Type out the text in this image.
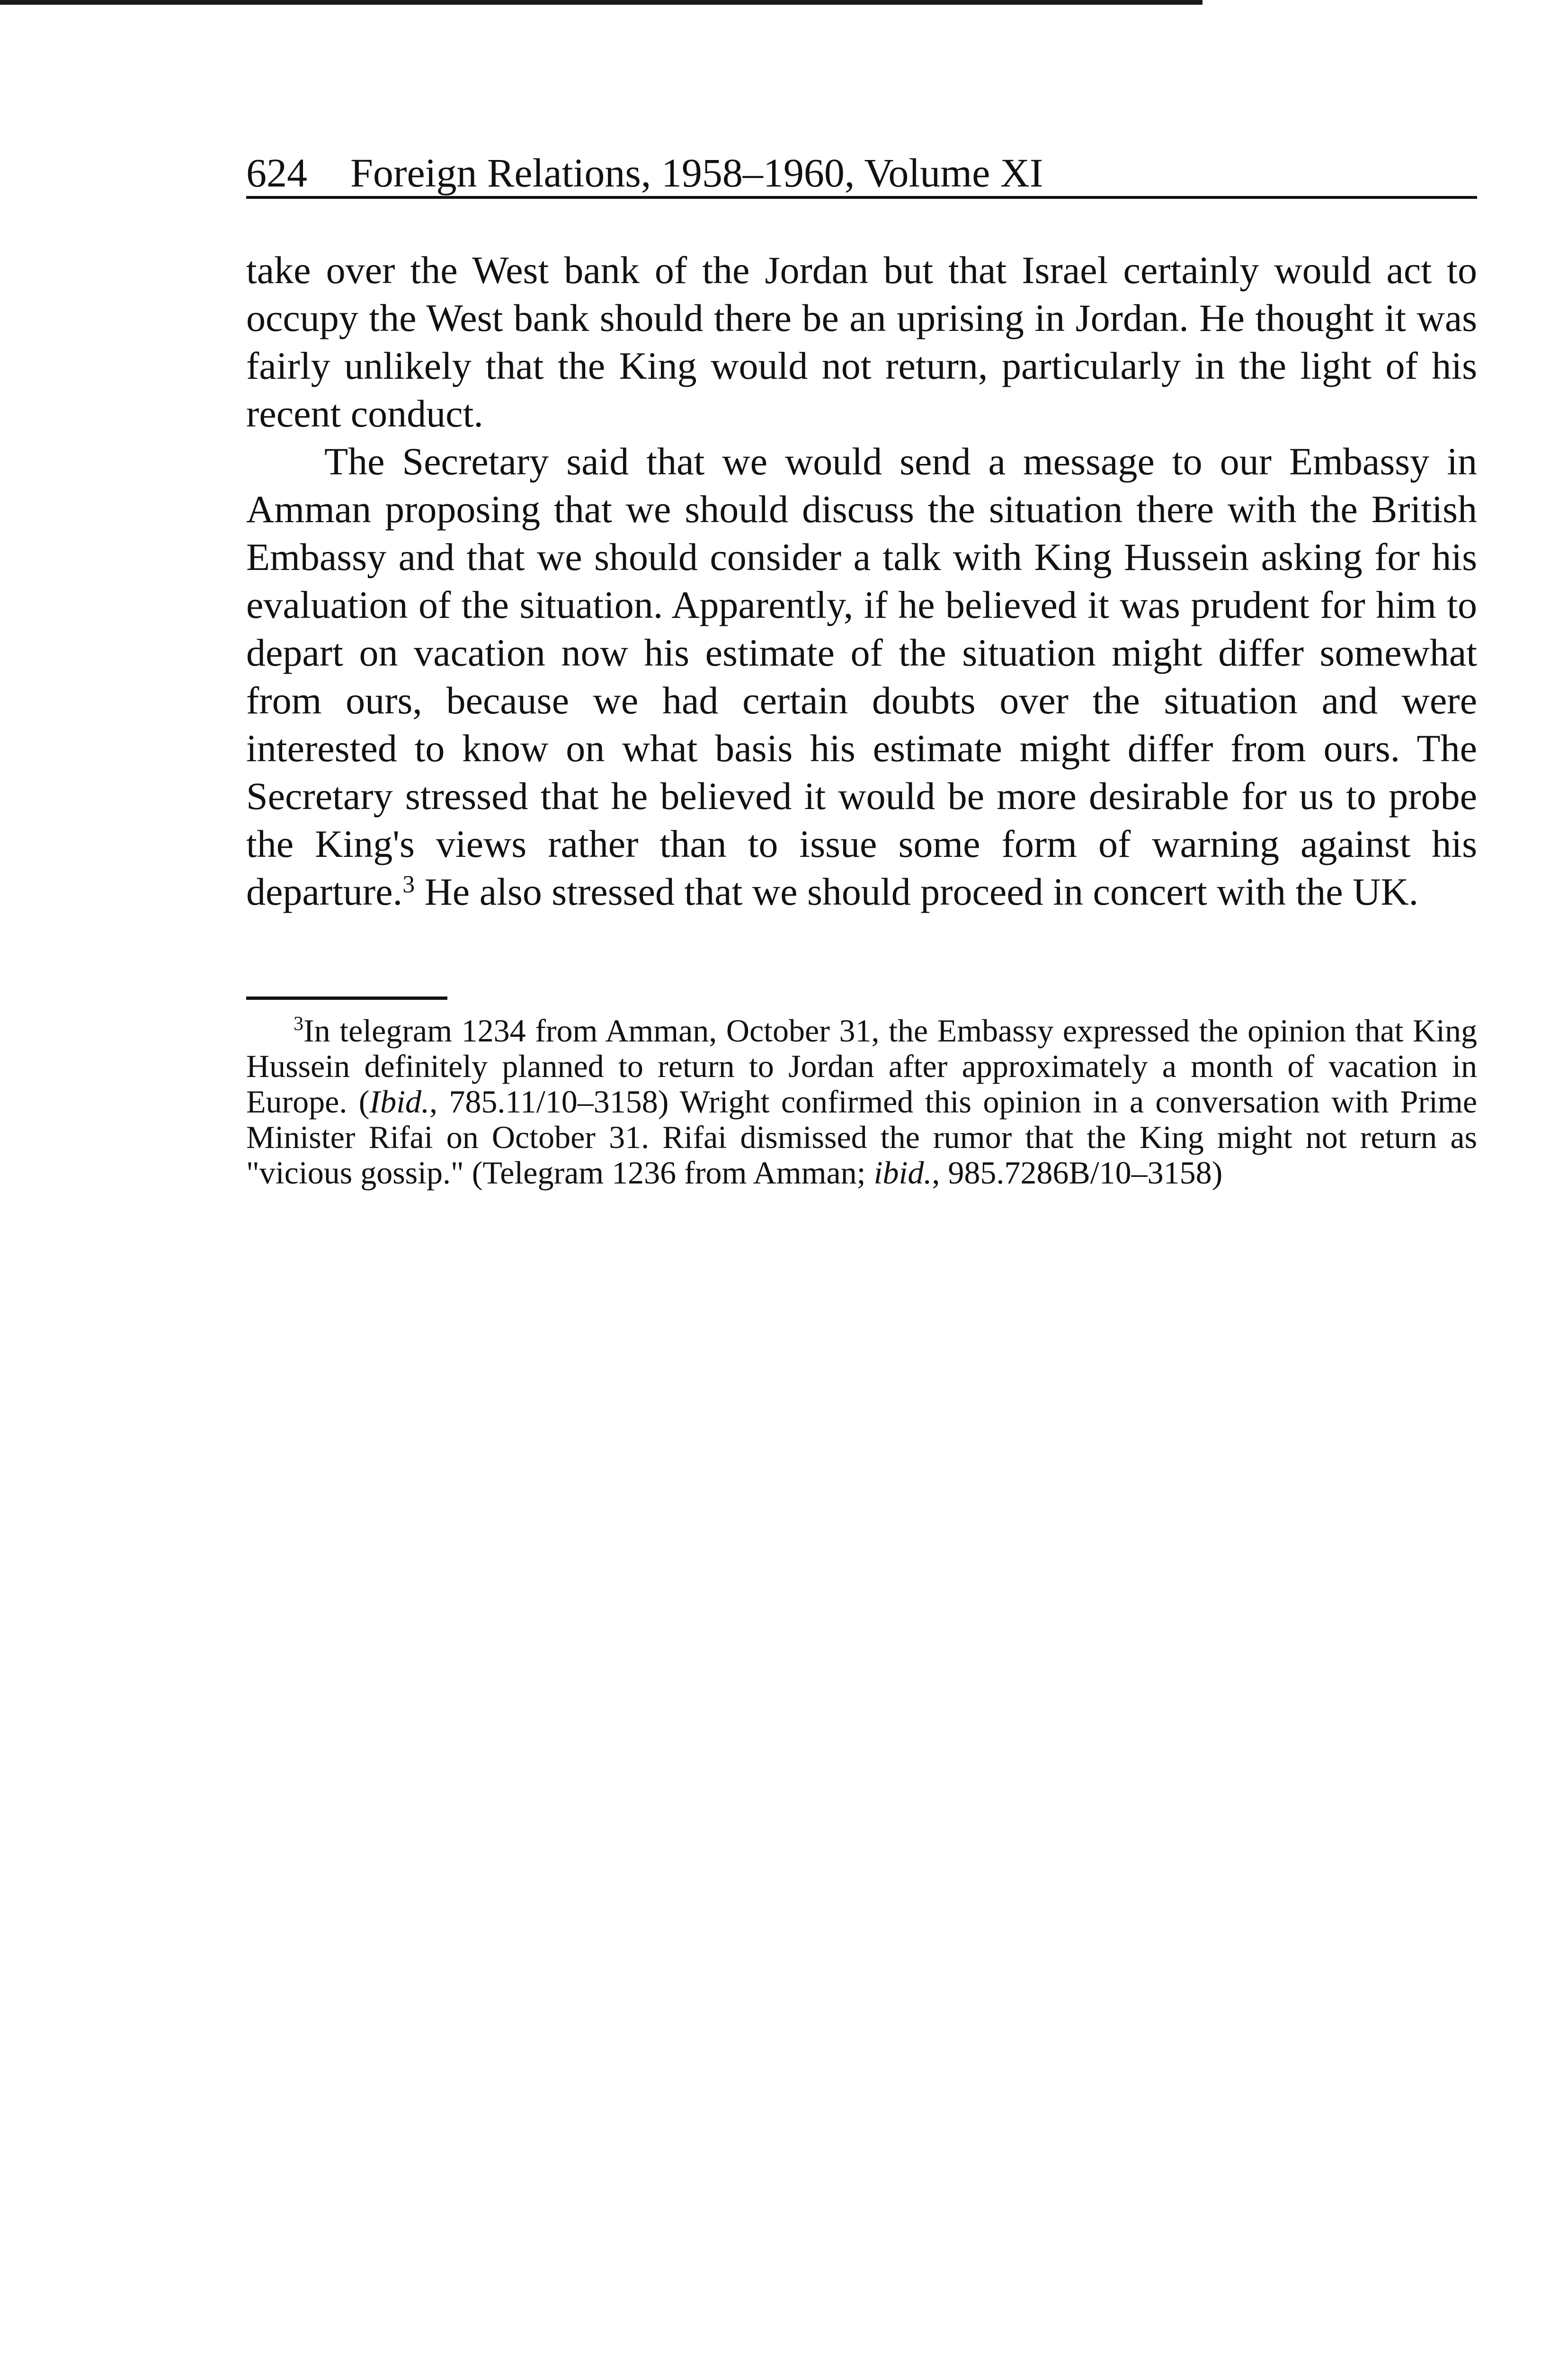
624 Foreign Relations, 1958–1960, Volume XI

take over the West bank of the Jordan but that Israel certainly would act to occupy the West bank should there be an uprising in Jordan. He thought it was fairly unlikely that the King would not return, particularly in the light of his recent conduct.

The Secretary said that we would send a message to our Embassy in Amman proposing that we should discuss the situation there with the British Embassy and that we should consider a talk with King Hussein asking for his evaluation of the situation. Apparently, if he believed it was prudent for him to depart on vacation now his estimate of the situation might differ somewhat from ours, because we had certain doubts over the situation and were interested to know on what basis his estimate might differ from ours. The Secretary stressed that he believed it would be more desirable for us to probe the King's views rather than to issue some form of warning against his departure.$^3$ He also stressed that we should proceed in concert with the UK.

$^3$In telegram 1234 from Amman, October 31, the Embassy expressed the opinion that King Hussein definitely planned to return to Jordan after approximately a month of vacation in Europe. (Ibid., 785.11/10–3158) Wright confirmed this opinion in a conversation with Prime Minister Rifai on October 31. Rifai dismissed the rumor that the King might not return as "vicious gossip." (Telegram 1236 from Amman; ibid., 985.7286B/10–3158)
